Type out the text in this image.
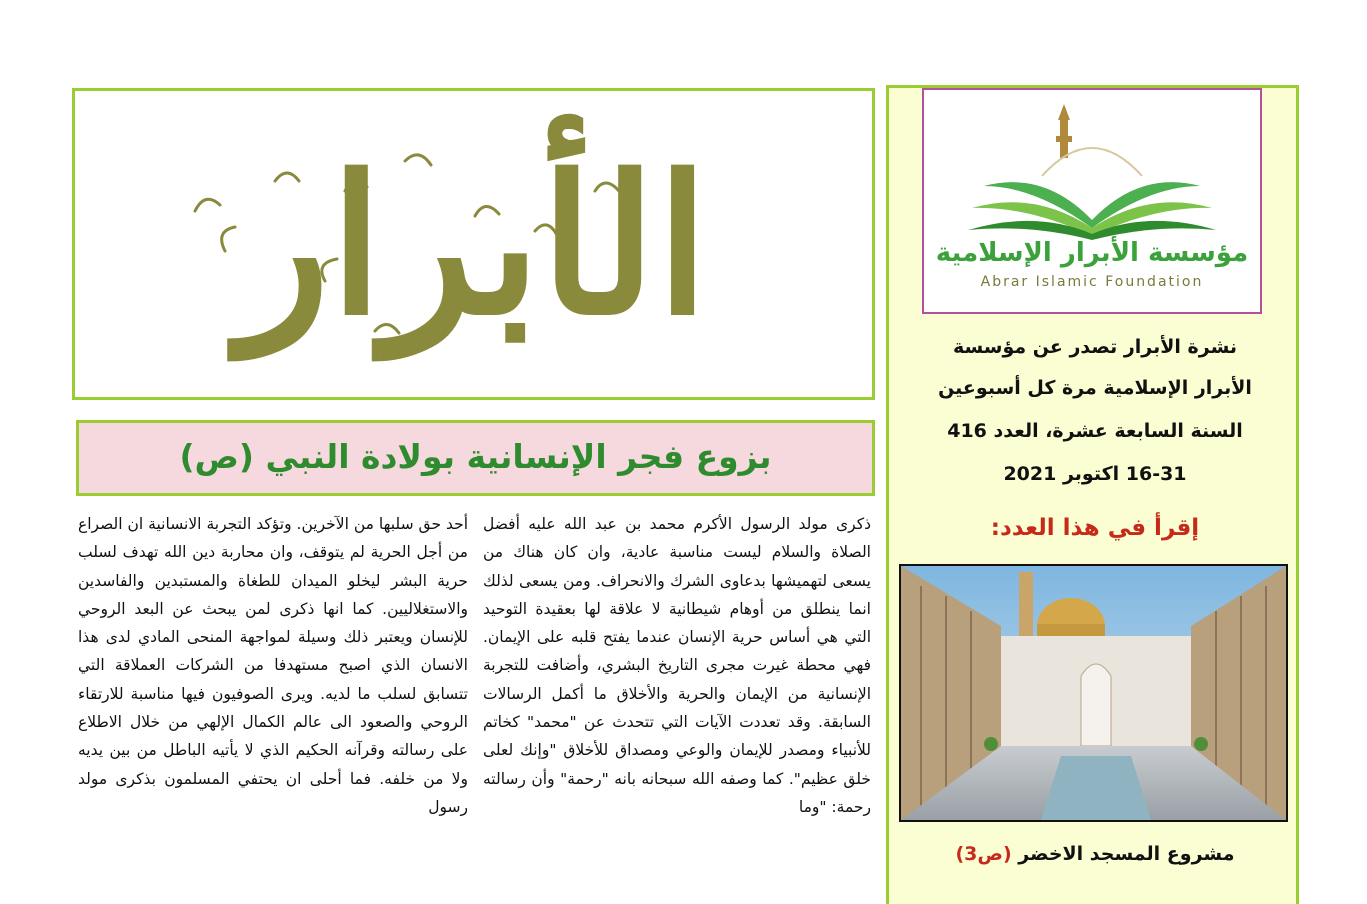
الأبرار
بزوع فجر الإنسانية بولادة النبي (ص)
ذكرى مولد الرسول الأكرم محمد بن عبد الله عليه أفضل الصلاة والسلام ليست مناسبة عادية، وان كان هناك من يسعى لتهميشها بدعاوى الشرك والانحراف. ومن يسعى لذلك انما ينطلق من أوهام شيطانية لا علاقة لها بعقيدة التوحيد التي هي أساس حرية الإنسان عندما يفتح قلبه على الإيمان. فهي محطة غيرت مجرى التاريخ البشري، وأضافت للتجربة الإنسانية من الإيمان والحرية والأخلاق ما أكمل الرسالات السابقة. وقد تعددت الآيات التي تتحدث عن "محمد" كخاتم للأنبياء ومصدر للإيمان والوعي ومصداق للأخلاق "وإنك لعلى خلق عظيم". كما وصفه الله سبحانه بانه "رحمة" وأن رسالته رحمة: "وما
أحد حق سلبها من الآخرين. وتؤكد التجربة الانسانية ان الصراع من أجل الحرية لم يتوقف، وان محاربة دين الله تهدف لسلب حرية البشر ليخلو الميدان للطغاة والمستبدين والفاسدين والاستغلاليين. كما انها ذكرى لمن يبحث عن البعد الروحي للإنسان ويعتبر ذلك وسيلة لمواجهة المنحى المادي لدى هذا الانسان الذي اصبح مستهدفا من الشركات العملاقة التي تتسابق لسلب ما لديه. ويرى الصوفيون فيها مناسبة للارتقاء الروحي والصعود الى عالم الكمال الإلهي من خلال الاطلاع على رسالته وقرآنه الحكيم الذي لا يأتيه الباطل من بين يديه ولا من خلفه. فما أحلى ان يحتفي المسلمون بذكرى مولد رسول
مؤسسة الأبرار الإسلامية
Abrar Islamic Foundation
نشرة الأبرار تصدر عن مؤسسة
الأبرار الإسلامية مرة كل أسبوعين
السنة السابعة عشرة، العدد 416
16-31 اكتوبر 2021
إقرأ في هذا العدد:
مشروع المسجد الاخضر (ص3)
